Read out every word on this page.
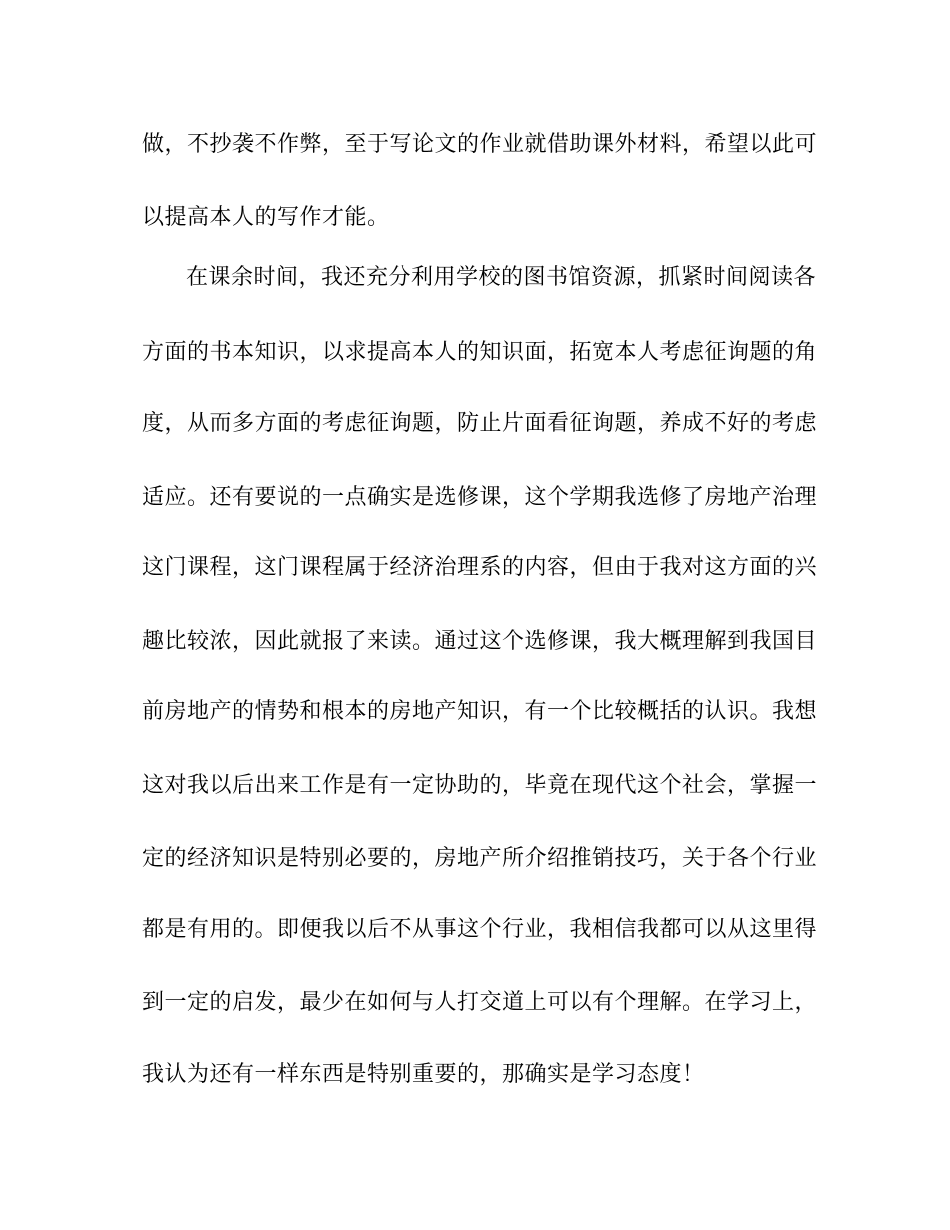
做，不抄袭不作弊，至于写论文的作业就借助课外材料，希望以此可
以提高本人的写作才能。
在课余时间，我还充分利用学校的图书馆资源，抓紧时间阅读各
方面的书本知识，以求提高本人的知识面，拓宽本人考虑征询题的角
度，从而多方面的考虑征询题，防止片面看征询题，养成不好的考虑
适应。还有要说的一点确实是选修课，这个学期我选修了房地产治理
这门课程，这门课程属于经济治理系的内容，但由于我对这方面的兴
趣比较浓，因此就报了来读。通过这个选修课，我大概理解到我国目
前房地产的情势和根本的房地产知识，有一个比较概括的认识。我想
这对我以后出来工作是有一定协助的，毕竟在现代这个社会，掌握一
定的经济知识是特别必要的，房地产所介绍推销技巧，关于各个行业
都是有用的。即便我以后不从事这个行业，我相信我都可以从这里得
到一定的启发，最少在如何与人打交道上可以有个理解。在学习上，
我认为还有一样东西是特别重要的，那确实是学习态度！
